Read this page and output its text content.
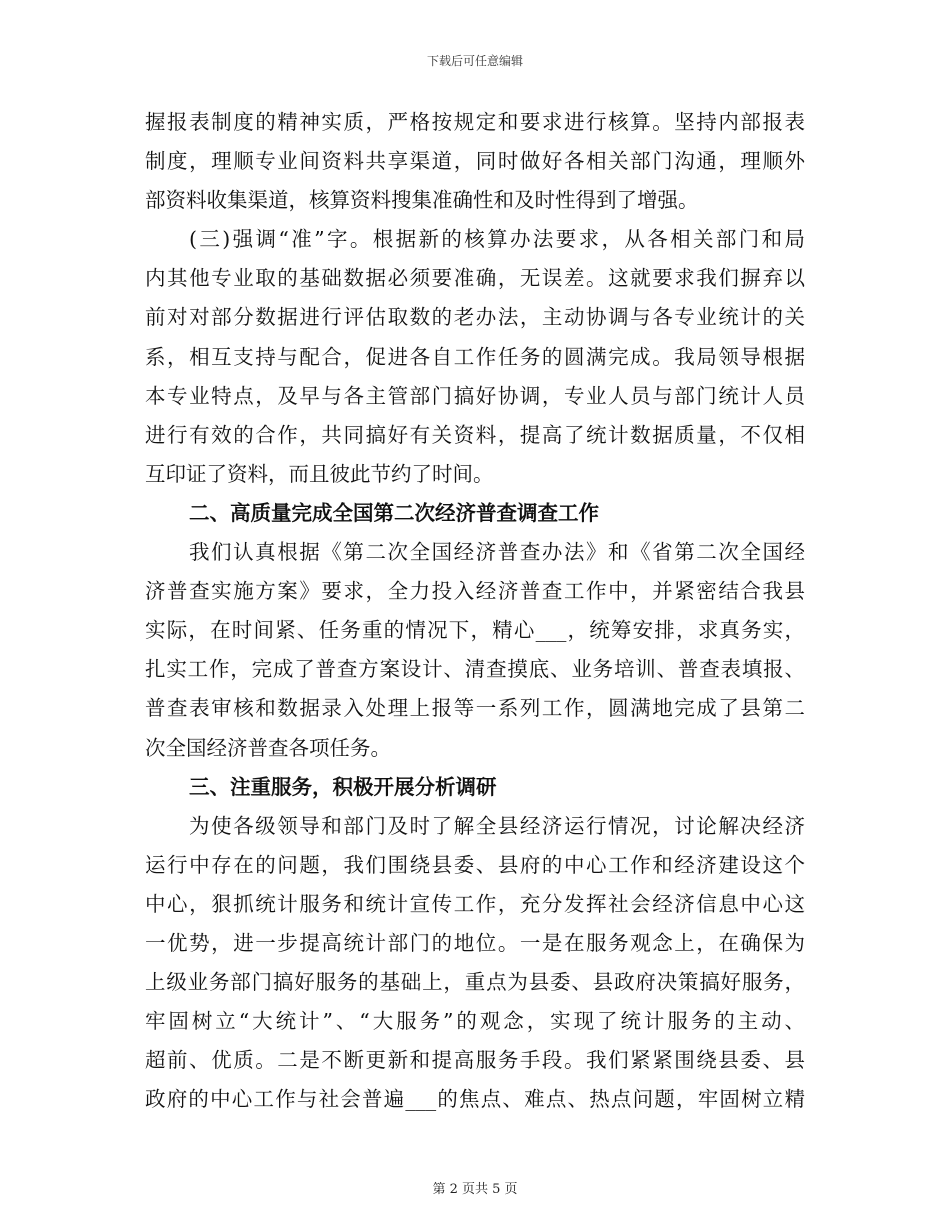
下载后可任意编辑
握报表制度的精神实质，严格按规定和要求进行核算。坚持内部报表
制度，理顺专业间资料共享渠道，同时做好各相关部门沟通，理顺外
部资料收集渠道，核算资料搜集准确性和及时性得到了增强。
(三)强调“准”字。根据新的核算办法要求，从各相关部门和局
内其他专业取的基础数据必须要准确，无误差。这就要求我们摒弃以
前对对部分数据进行评估取数的老办法，主动协调与各专业统计的关
系，相互支持与配合，促进各自工作任务的圆满完成。我局领导根据
本专业特点，及早与各主管部门搞好协调，专业人员与部门统计人员
进行有效的合作，共同搞好有关资料，提高了统计数据质量，不仅相
互印证了资料，而且彼此节约了时间。
二、高质量完成全国第二次经济普查调查工作
我们认真根据《第二次全国经济普查办法》和《省第二次全国经
济普查实施方案》要求，全力投入经济普查工作中，并紧密结合我县
实际，在时间紧、任务重的情况下，精心___，统筹安排，求真务实，
扎实工作，完成了普查方案设计、清查摸底、业务培训、普查表填报、
普查表审核和数据录入处理上报等一系列工作，圆满地完成了县第二
次全国经济普查各项任务。
三、注重服务，积极开展分析调研
为使各级领导和部门及时了解全县经济运行情况，讨论解决经济
运行中存在的问题，我们围绕县委、县府的中心工作和经济建设这个
中心，狠抓统计服务和统计宣传工作，充分发挥社会经济信息中心这
一优势，进一步提高统计部门的地位。一是在服务观念上，在确保为
上级业务部门搞好服务的基础上，重点为县委、县政府决策搞好服务，
牢固树立“大统计”、“大服务”的观念，实现了统计服务的主动、
超前、优质。二是不断更新和提高服务手段。我们紧紧围绕县委、县
政府的中心工作与社会普遍___的焦点、难点、热点问题，牢固树立精
第 2 页共 5 页
